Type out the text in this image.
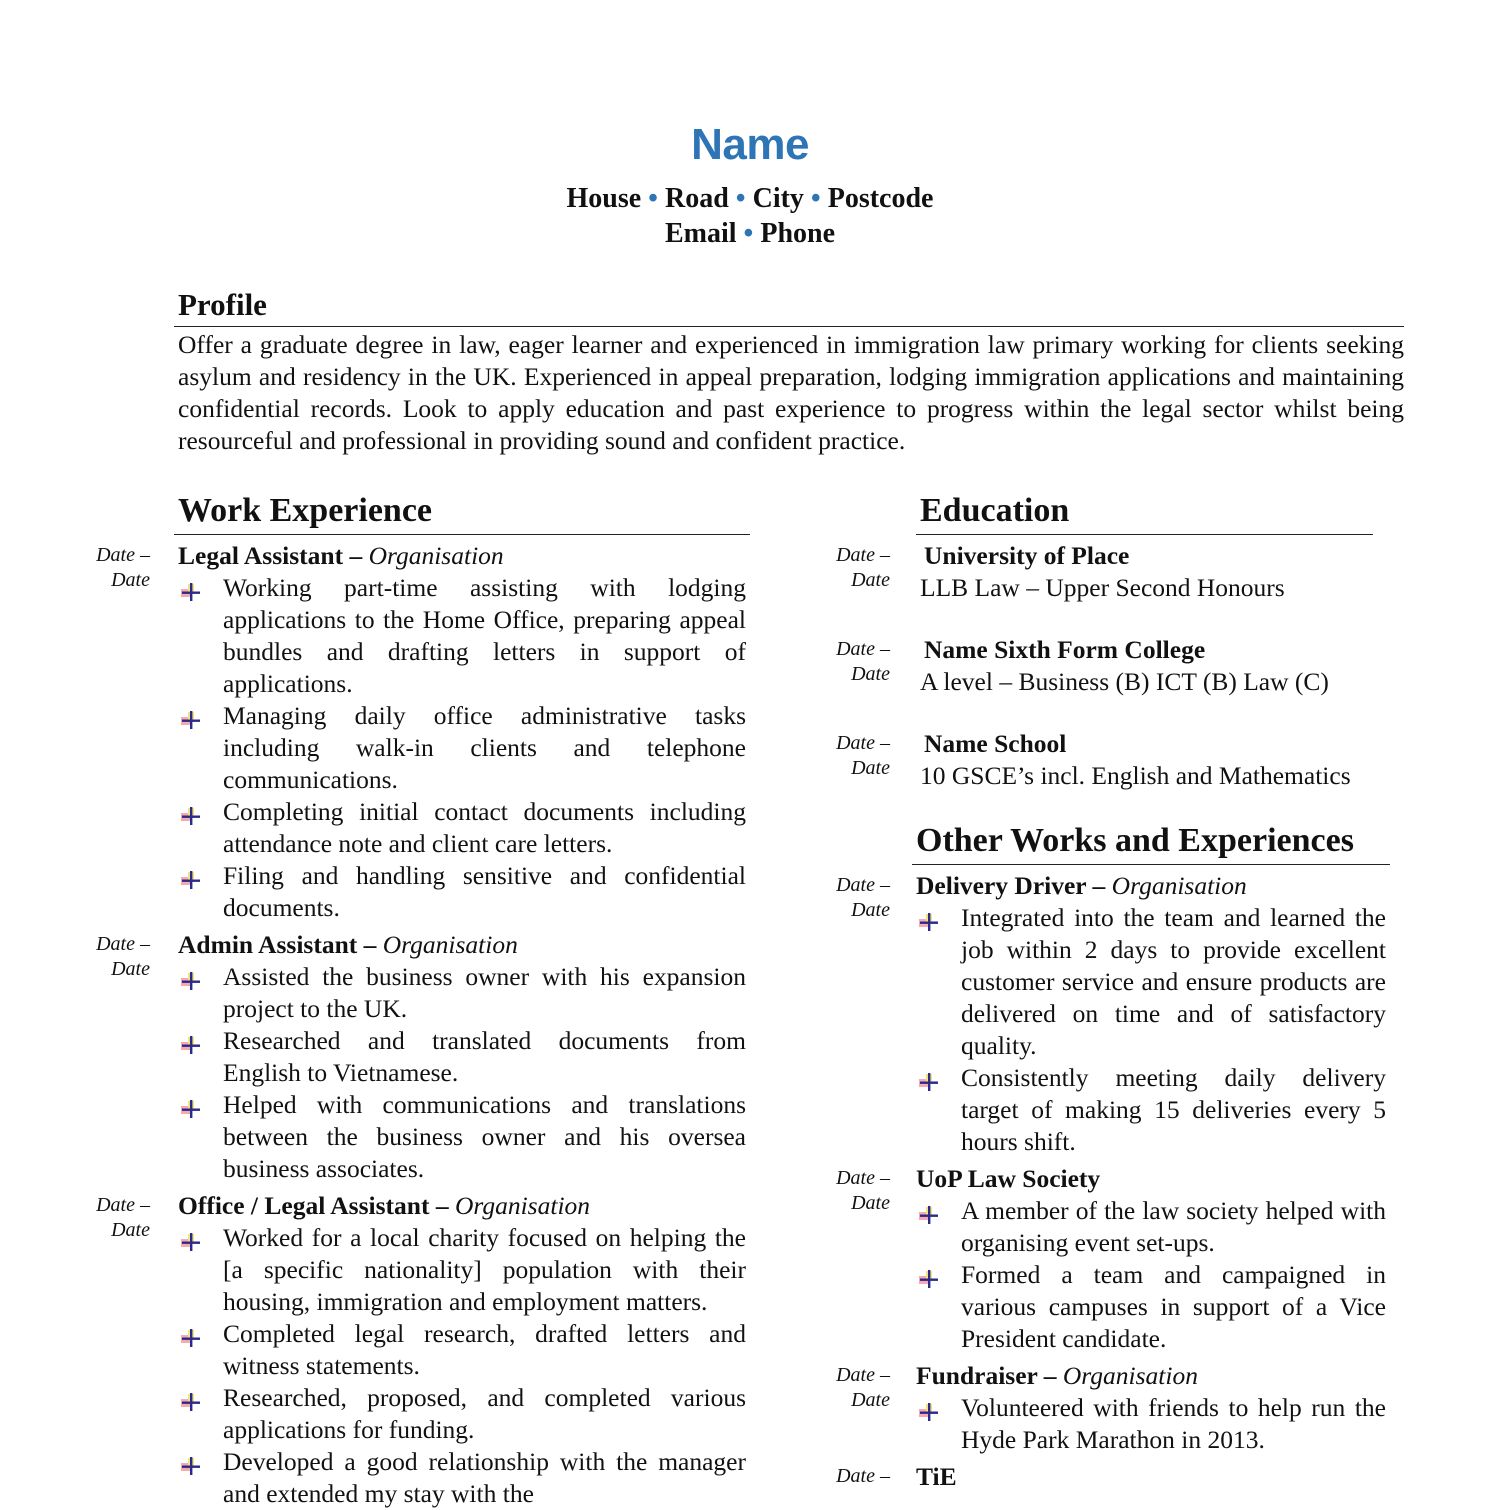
Name
House • Road • City • Postcode
Email • Phone
Profile
Offer a graduate degree in law, eager learner and experienced in immigration law primary working for clients seeking asylum and residency in the UK. Experienced in appeal preparation, lodging immigration applications and maintaining confidential records. Look to apply education and past experience to progress within the legal sector whilst being resourceful and professional in providing sound and confident practice.
Work Experience
Date –
Date
Legal Assistant – Organisation
Working part-time assisting with lodging applications to the Home Office, preparing appeal bundles and drafting letters in support of applications.
Managing daily office administrative tasks including walk-in clients and telephone communications.
Completing initial contact documents including attendance note and client care letters.
Filing and handling sensitive and confidential documents.
Date –
Date
Admin Assistant – Organisation
Assisted the business owner with his expansion project to the UK.
Researched and translated documents from English to Vietnamese.
Helped with communications and translations between the business owner and his oversea business associates.
Date –
Date
Office / Legal Assistant – Organisation
Worked for a local charity focused on helping the [a specific nationality] population with their housing, immigration and employment matters.
Completed legal research, drafted letters and witness statements.
Researched, proposed, and completed various applications for funding.
Developed a good relationship with the manager and extended my stay with the
Education
Date –
Date
University of Place
LLB Law – Upper Second Honours
Date –
Date
Name Sixth Form College
A level – Business (B) ICT (B) Law (C)
Date –
Date
Name School
10 GSCE’s incl. English and Mathematics
Other Works and Experiences
Date –
Date
Delivery Driver – Organisation
Integrated into the team and learned the job within 2 days to provide excellent customer service and ensure products are delivered on time and of satisfactory quality.
Consistently meeting daily delivery target of making 15 deliveries every 5 hours shift.
Date –
Date
UoP Law Society
A member of the law society helped with organising event set-ups.
Formed a team and campaigned in various campuses in support of a Vice President candidate.
Date –
Date
Fundraiser – Organisation
Volunteered with friends to help run the Hyde Park Marathon in 2013.
Date – TiE
